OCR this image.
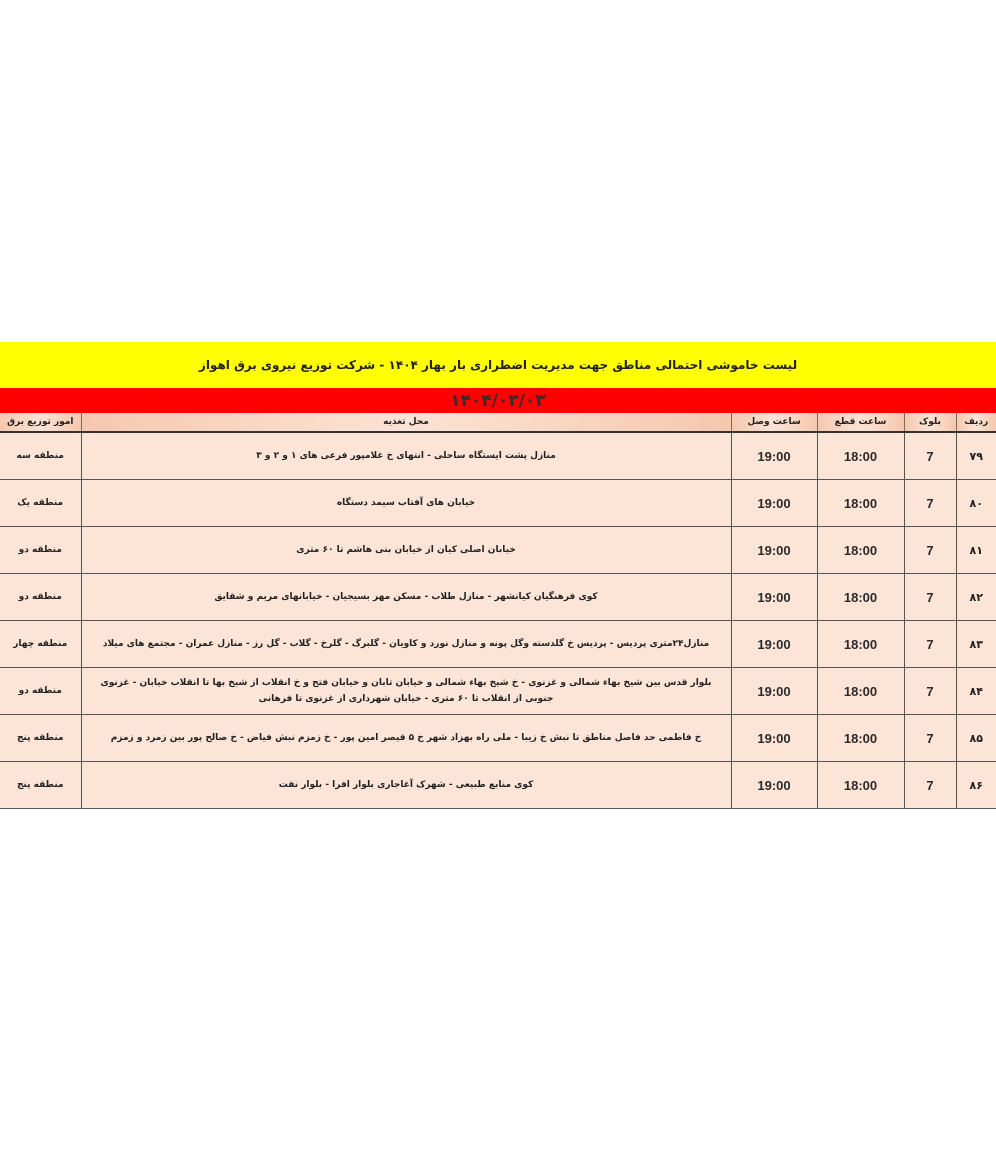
لیست خاموشی احتمالی مناطق جهت مدیریت اضطراری بار بهار ۱۴۰۴ - شرکت توزیع نیروی برق اهواز
۱۴۰۴/۰۳/۰۳
ردیف	بلوک	ساعت قطع	ساعت وصل	محل تغذیه	امور توزیع برق
۷۹	7	18:00	19:00	منازل پشت ایستگاه ساحلی - انتهای خ غلامپور فرعی های ۱ و ۲ و ۳	منطقه سه
۸۰	7	18:00	19:00	خیابان های آفتاب سیمد دستگاه	منطقه یک
۸۱	7	18:00	19:00	خیابان اصلی کیان از خیابان بنی هاشم تا ۶۰ متری	منطقه دو
۸۲	7	18:00	19:00	کوی فرهنگیان کیانشهر - منازل طلاب - مسکن مهر بسیجیان - خیابانهای مریم و شقایق	منطقه دو
۸۳	7	18:00	19:00	منازل۲۴متری پردیس - پردیس خ گلدسته وگل پونه و منازل نورد و کاویان - گلبرگ - گلرخ - گلاب - گل رز - منازل عمران - مجتمع های میلاد	منطقه چهار
۸۴	7	18:00	19:00	بلوار قدس بین شیخ بهاء شمالی و غزنوی - خ شیخ بهاء شمالی و خیابان تابان و خیابان فتح و خ انقلاب از شیخ بها تا انقلاب خیابان - غزنوی جنوبی از انقلاب تا ۶۰ متری - خیابان شهرداری از غزنوی تا فرهانی	منطقه دو
۸۵	7	18:00	19:00	خ فاطمی حد فاصل مناطق تا نبش خ زیبا - ملی راه بهزاد شهر خ ۵ قیصر امین پور - خ زمزم نبش فیاض - خ صالح پور بین زمرد و زمزم	منطقه پنج
۸۶	7	18:00	19:00	کوی منابع طبیعی - شهرک آغاجاری بلوار افرا - بلوار نفت	منطقه پنج
